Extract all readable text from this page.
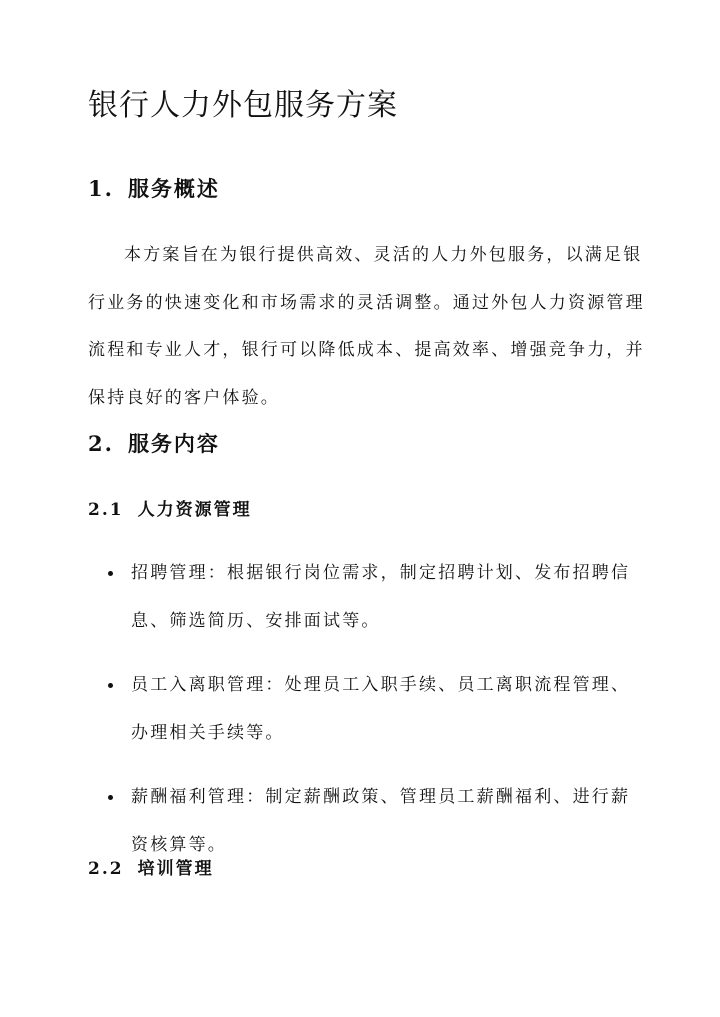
银行人力外包服务方案
1. 服务概述
本方案旨在为银行提供高效、灵活的人力外包服务，以满足银
行业务的快速变化和市场需求的灵活调整。通过外包人力资源管理
流程和专业人才，银行可以降低成本、提高效率、增强竞争力，并
保持良好的客户体验。
2. 服务内容
2.1 人力资源管理
招聘管理：根据银行岗位需求，制定招聘计划、发布招聘信
息、筛选简历、安排面试等。
员工入离职管理：处理员工入职手续、员工离职流程管理、
办理相关手续等。
薪酬福利管理：制定薪酬政策、管理员工薪酬福利、进行薪
资核算等。
2.2 培训管理
